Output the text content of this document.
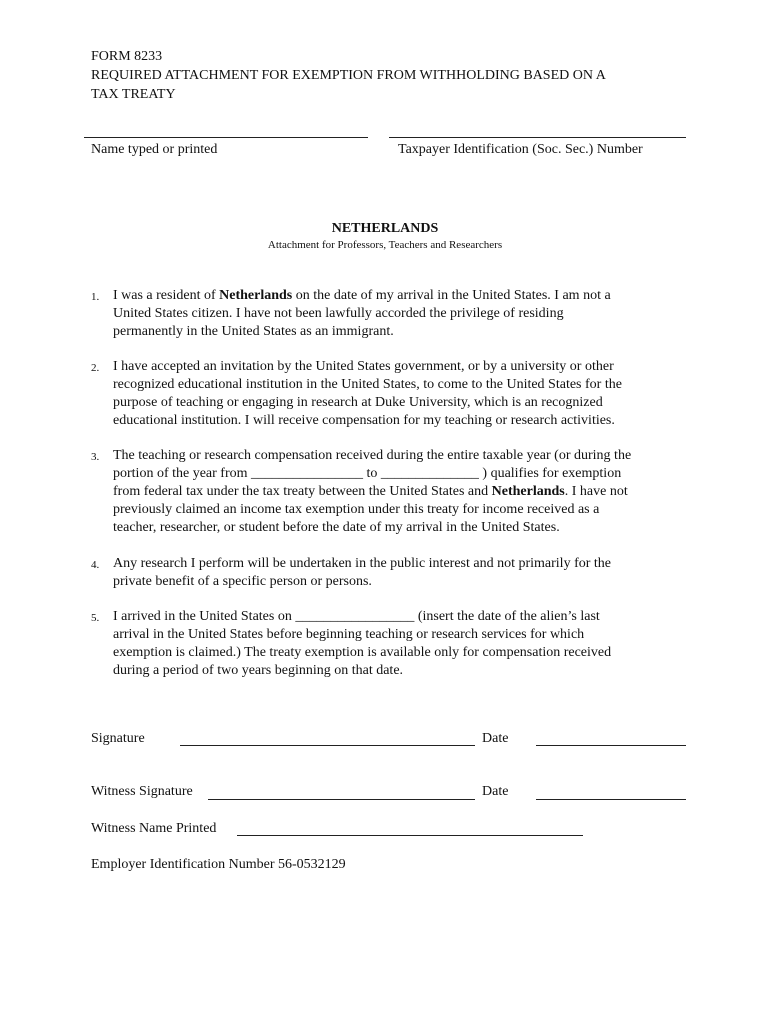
FORM 8233
REQUIRED ATTACHMENT FOR EXEMPTION FROM WITHHOLDING BASED ON A
TAX TREATY
Name typed or printed	Taxpayer Identification (Soc. Sec.) Number
NETHERLANDS
Attachment for Professors, Teachers and Researchers
1. I was a resident of Netherlands on the date of my arrival in the United States. I am not a
United States citizen. I have not been lawfully accorded the privilege of residing
permanently in the United States as an immigrant.
2. I have accepted an invitation by the United States government, or by a university or other
recognized educational institution in the United States, to come to the United States for the
purpose of teaching or engaging in research at Duke University, which is an recognized
educational institution. I will receive compensation for my teaching or research activities.
3. The teaching or research compensation received during the entire taxable year (or during the
portion of the year from ________________ to ______________ ) qualifies for exemption
from federal tax under the tax treaty between the United States and Netherlands. I have not
previously claimed an income tax exemption under this treaty for income received as a
teacher, researcher, or student before the date of my arrival in the United States.
4. Any research I perform will be undertaken in the public interest and not primarily for the
private benefit of a specific person or persons.
5. I arrived in the United States on _________________ (insert the date of the alien’s last
arrival in the United States before beginning teaching or research services for which
exemption is claimed.) The treaty exemption is available only for compensation received
during a period of two years beginning on that date.
Signature	Date
Witness Signature	Date
Witness Name Printed
Employer Identification Number 56-0532129
